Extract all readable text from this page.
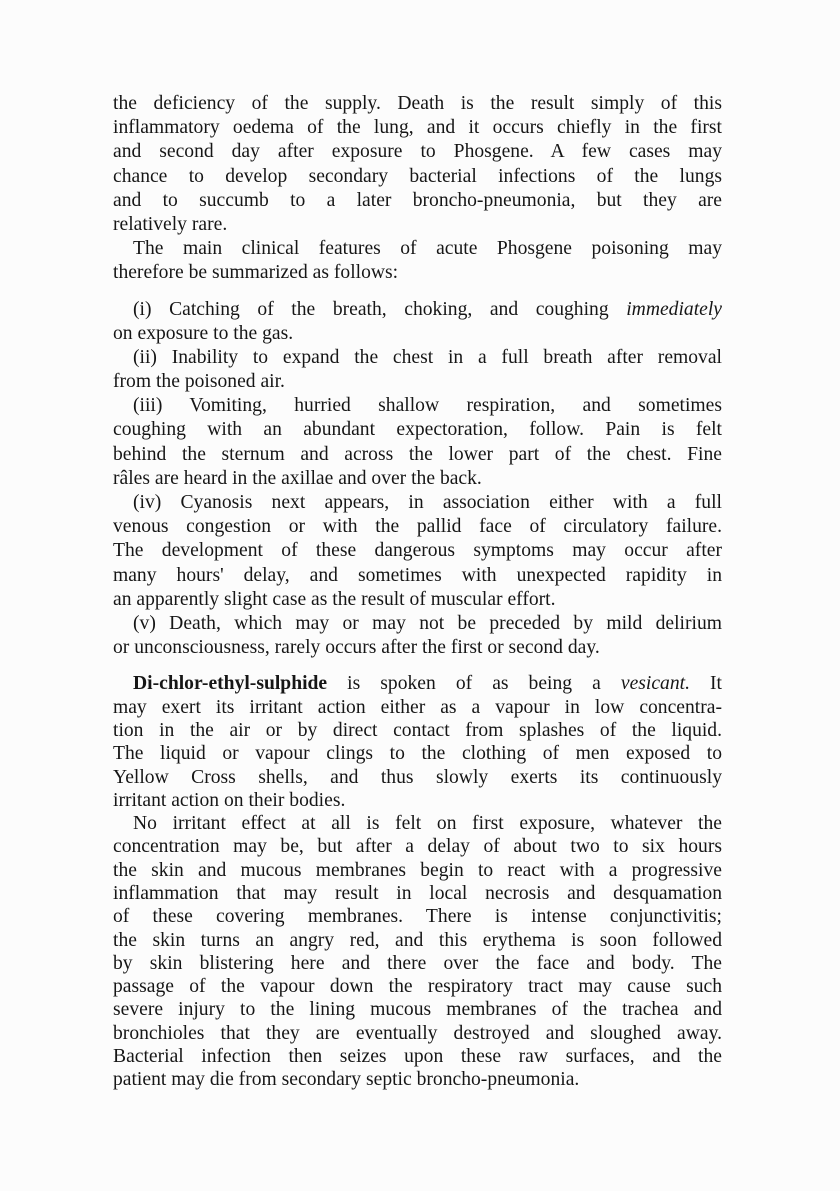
the deficiency of the supply. Death is the result simply of this
inflammatory oedema of the lung, and it occurs chiefly in the first
and second day after exposure to Phosgene. A few cases may
chance to develop secondary bacterial infections of the lungs
and to succumb to a later broncho-pneumonia, but they are
relatively rare.
The main clinical features of acute Phosgene poisoning may
therefore be summarized as follows:
(i) Catching of the breath, choking, and coughing immediately
on exposure to the gas.
(ii) Inability to expand the chest in a full breath after removal
from the poisoned air.
(iii) Vomiting, hurried shallow respiration, and sometimes
coughing with an abundant expectoration, follow. Pain is felt
behind the sternum and across the lower part of the chest. Fine
râles are heard in the axillae and over the back.
(iv) Cyanosis next appears, in association either with a full
venous congestion or with the pallid face of circulatory failure.
The development of these dangerous symptoms may occur after
many hours' delay, and sometimes with unexpected rapidity in
an apparently slight case as the result of muscular effort.
(v) Death, which may or may not be preceded by mild delirium
or unconsciousness, rarely occurs after the first or second day.
Di-chlor-ethyl-sulphide is spoken of as being a vesicant. It
may exert its irritant action either as a vapour in low concentra-
tion in the air or by direct contact from splashes of the liquid.
The liquid or vapour clings to the clothing of men exposed to
Yellow Cross shells, and thus slowly exerts its continuously
irritant action on their bodies.
No irritant effect at all is felt on first exposure, whatever the
concentration may be, but after a delay of about two to six hours
the skin and mucous membranes begin to react with a progressive
inflammation that may result in local necrosis and desquamation
of these covering membranes. There is intense conjunctivitis;
the skin turns an angry red, and this erythema is soon followed
by skin blistering here and there over the face and body. The
passage of the vapour down the respiratory tract may cause such
severe injury to the lining mucous membranes of the trachea and
bronchioles that they are eventually destroyed and sloughed away.
Bacterial infection then seizes upon these raw surfaces, and the
patient may die from secondary septic broncho-pneumonia.
